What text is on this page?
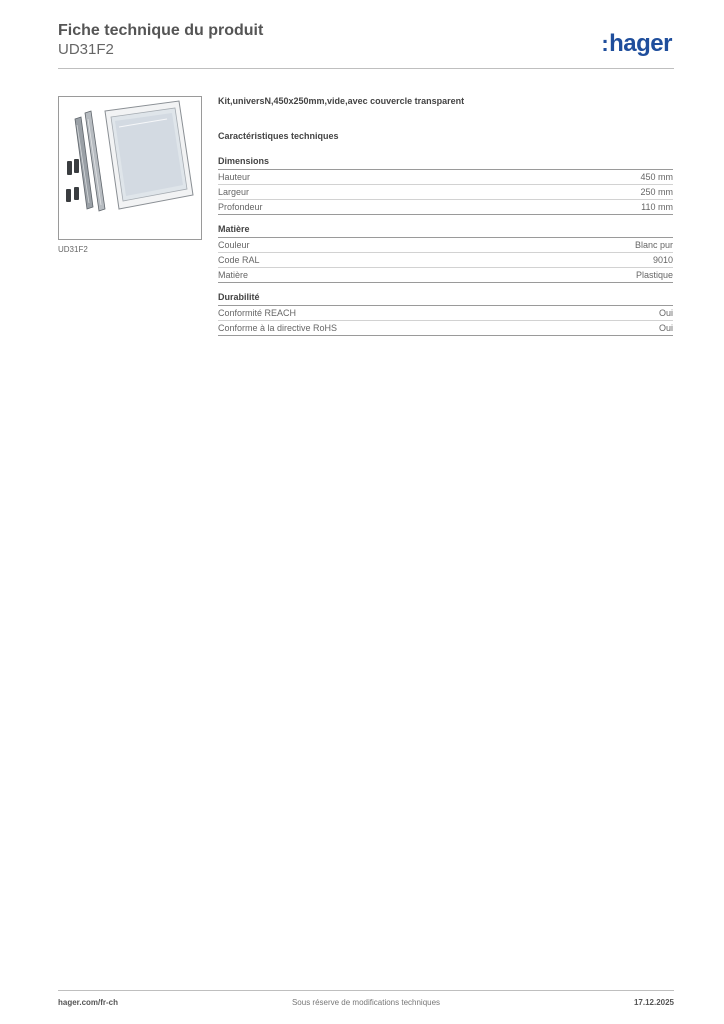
Fiche technique du produit
UD31F2	:hager
UD31F2
Kit,universN,450x250mm,vide,avec couvercle transparent
Caractéristiques techniques
Dimensions
Hauteur	450 mm
Largeur	250 mm
Profondeur	110 mm
Matière
Couleur	Blanc pur
Code RAL	9010
Matière	Plastique
Durabilité
Conformité REACH	Oui
Conforme à la directive RoHS	Oui
hager.com/fr-ch	Sous réserve de modifications techniques	17.12.2025
